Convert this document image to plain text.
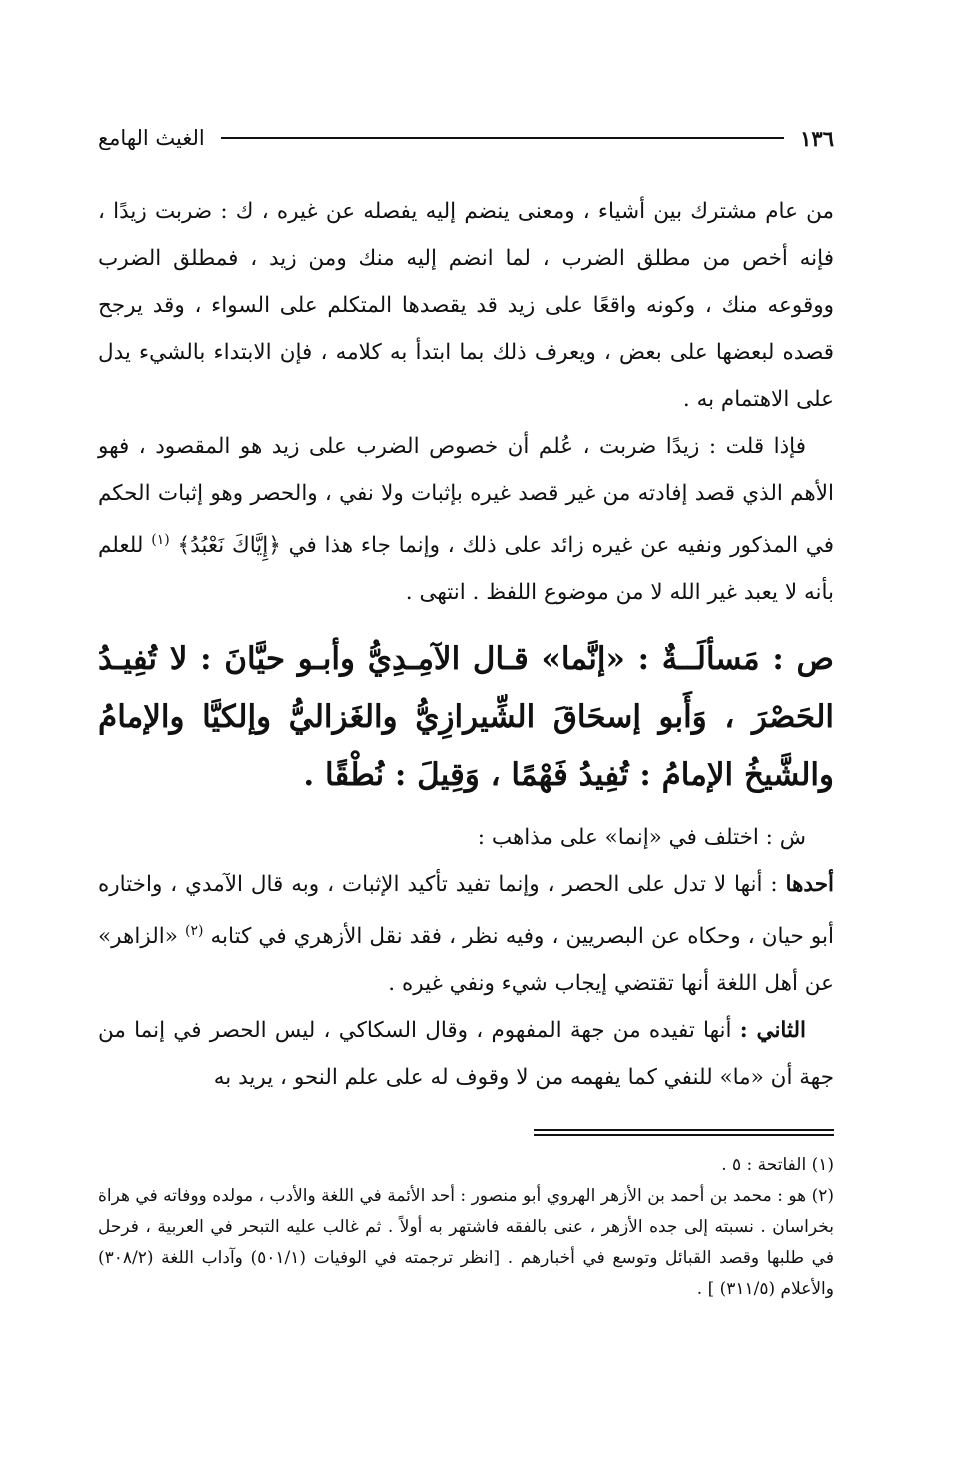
١٣٦
الغيث الهامع

من عام مشترك بين أشياء ، ومعنى ينضم إليه يفصله عن غيره ، ك : ضربت زيدًا ، فإنه أخص من مطلق الضرب ، لما انضم إليه منك ومن زيد ، فمطلق الضرب ووقوعه منك ، وكونه واقعًا على زيد قد يقصدها المتكلم على السواء ، وقد يرجح قصده لبعضها على بعض ، ويعرف ذلك بما ابتدأ به كلامه ، فإن الابتداء بالشيء يدل على الاهتمام به .

فإذا قلت : زيدًا ضربت ، عُلم أن خصوص الضرب على زيد هو المقصود ، فهو الأهم الذي قصد إفادته من غير قصد غيره بإثبات ولا نفي ، والحصر وهو إثبات الحكم في المذكور ونفيه عن غيره زائد على ذلك ، وإنما جاء هذا في ﴿إِيَّاكَ نَعْبُدُ﴾ $^{(١)}$ للعلم بأنه لا يعبد غير الله لا من موضوع اللفظ . انتهى .

ص : مَسألَــةٌ : «إنَّما» قـال الآمِـدِيُّ وأبـو حيَّانَ : لا تُفِيـدُ الحَصْرَ ، وَأَبو إسحَاقَ الشِّيرازِيُّ والغَزاليُّ وإلكيَّا والإمامُ والشَّيخُ الإمامُ : تُفِيدُ فَهْمًا ، وَقِيلَ : نُطْقًا .

ش : اختلف في «إنما» على مذاهب :

أحدها : أنها لا تدل على الحصر ، وإنما تفيد تأكيد الإثبات ، وبه قال الآمدي ، واختاره أبو حيان ، وحكاه عن البصريين ، وفيه نظر ، فقد نقل الأزهري في كتابه $^{(٢)}$ «الزاهر» عن أهل اللغة أنها تقتضي إيجاب شيء ونفي غيره .

الثاني : أنها تفيده من جهة المفهوم ، وقال السكاكي ، ليس الحصر في إنما من جهة أن «ما» للنفي كما يفهمه من لا وقوف له على علم النحو ، يريد به

(١) الفاتحة : ٥ .

(٢) هو : محمد بن أحمد بن الأزهر الهروي أبو منصور : أحد الأئمة في اللغة والأدب ، مولده ووفاته في هراة بخراسان . نسبته إلى جده الأزهر ، عنى بالفقه فاشتهر به أولاً . ثم غالب عليه التبحر في العربية ، فرحل في طلبها وقصد القبائل وتوسع في أخبارهم . [انظر ترجمته في الوفيات (٥٠١/١) وآداب اللغة (٣٠٨/٢) والأعلام (٣١١/٥) ] .
